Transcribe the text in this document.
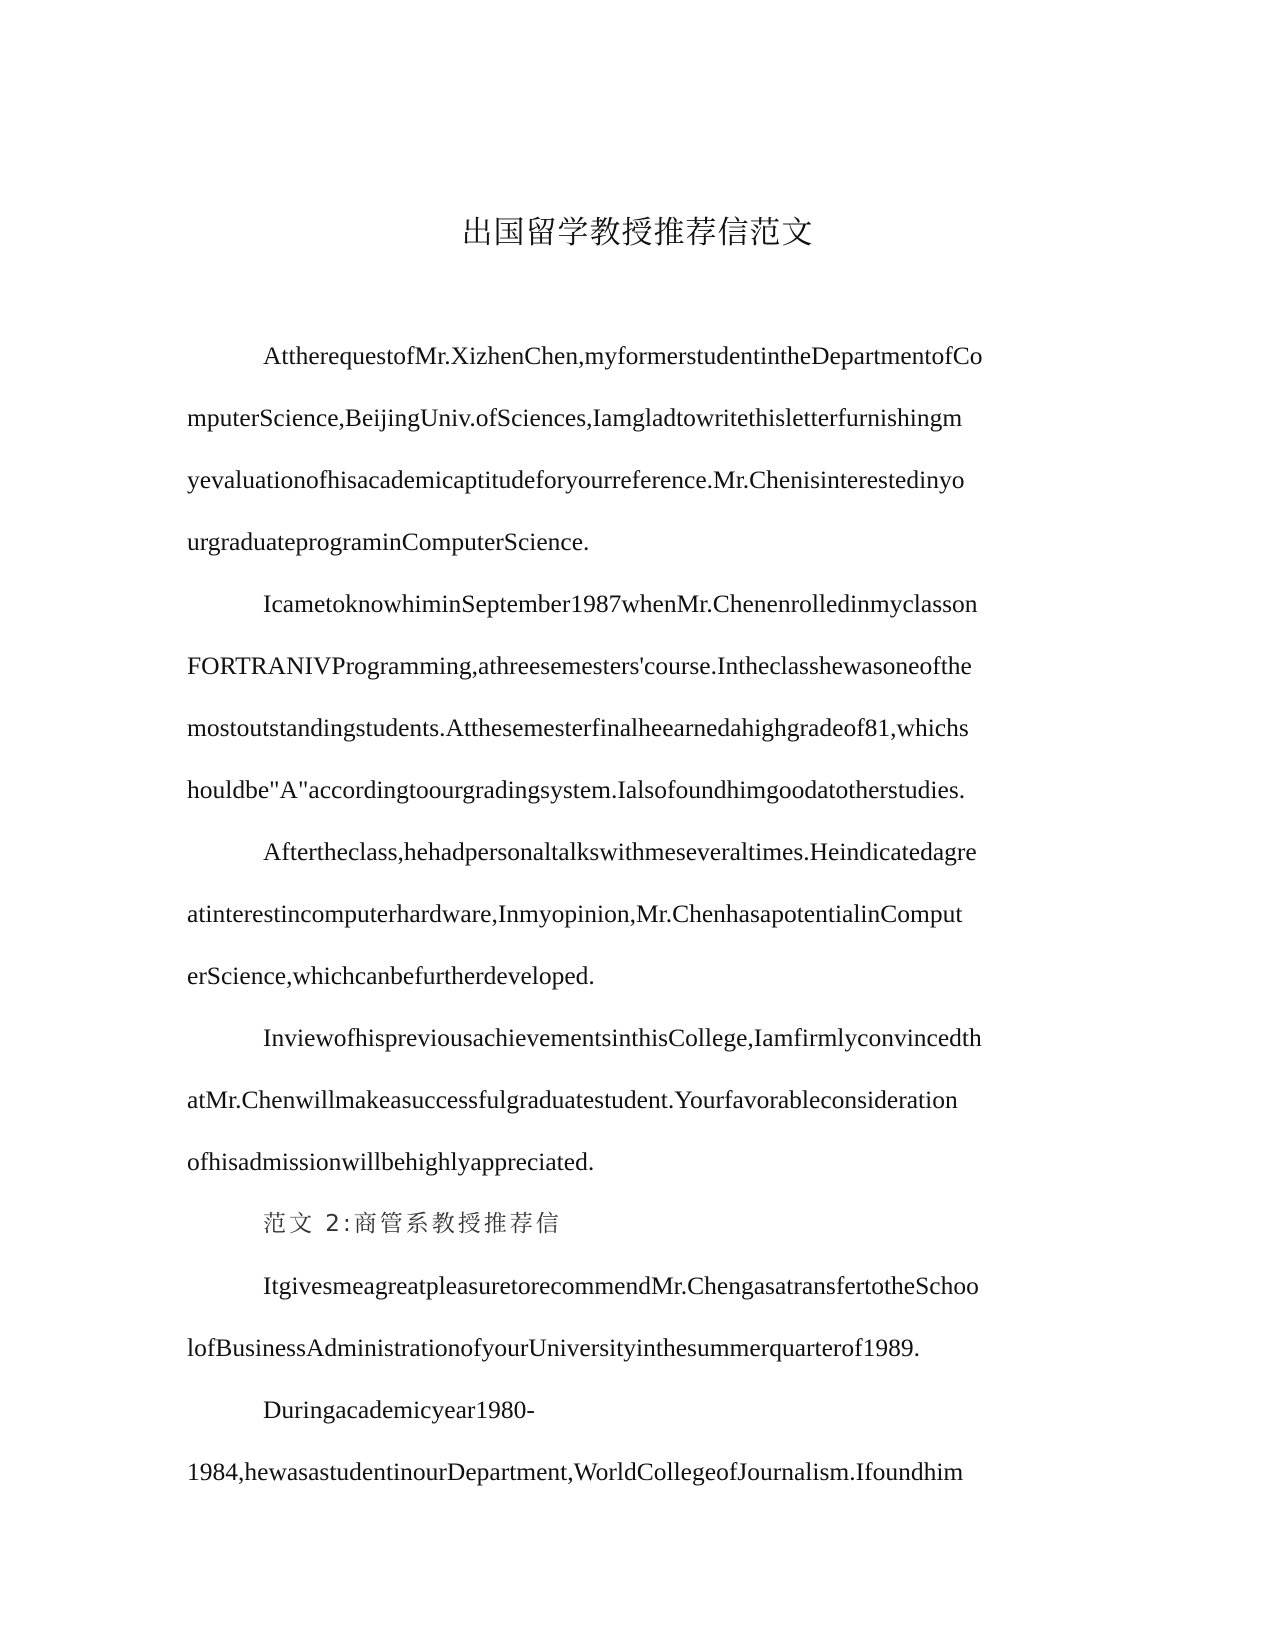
出国留学教授推荐信范文
AttherequestofMr.XizhenChen,myformerstudentintheDepartmentofCo
mputerScience,BeijingUniv.ofSciences,Iamgladtowritethisletterfurnishingm
yevaluationofhisacademicaptitudeforyourreference.Mr.Chenisinterestedinyo
urgraduateprograminComputerScience.
IcametoknowhiminSeptember1987whenMr.Chenenrolledinmyclasson
FORTRANIVProgramming,athreesemesters'course.Intheclasshewasoneofthe
mostoutstandingstudents.Atthesemesterfinalheearnedahighgradeof81,whichs
houldbe"A"accordingtoourgradingsystem.Ialsofoundhimgoodatotherstudies.
Aftertheclass,hehadpersonaltalkswithmeseveraltimes.Heindicatedagre
atinterestincomputerhardware,Inmyopinion,Mr.ChenhasapotentialinComput
erScience,whichcanbefurtherdeveloped.
InviewofhispreviousachievementsinthisCollege,Iamfirmlyconvincedth
atMr.Chenwillmakeasuccessfulgraduatestudent.Yourfavorableconsideration
ofhisadmissionwillbehighlyappreciated.
范文 2:商管系教授推荐信
ItgivesmeagreatpleasuretorecommendMr.ChengasatransfertotheSchoo
lofBusinessAdministrationofyourUniversityinthesummerquarterof1989.
Duringacademicyear1980-
1984,hewasastudentinourDepartment,WorldCollegeofJournalism.Ifoundhim
